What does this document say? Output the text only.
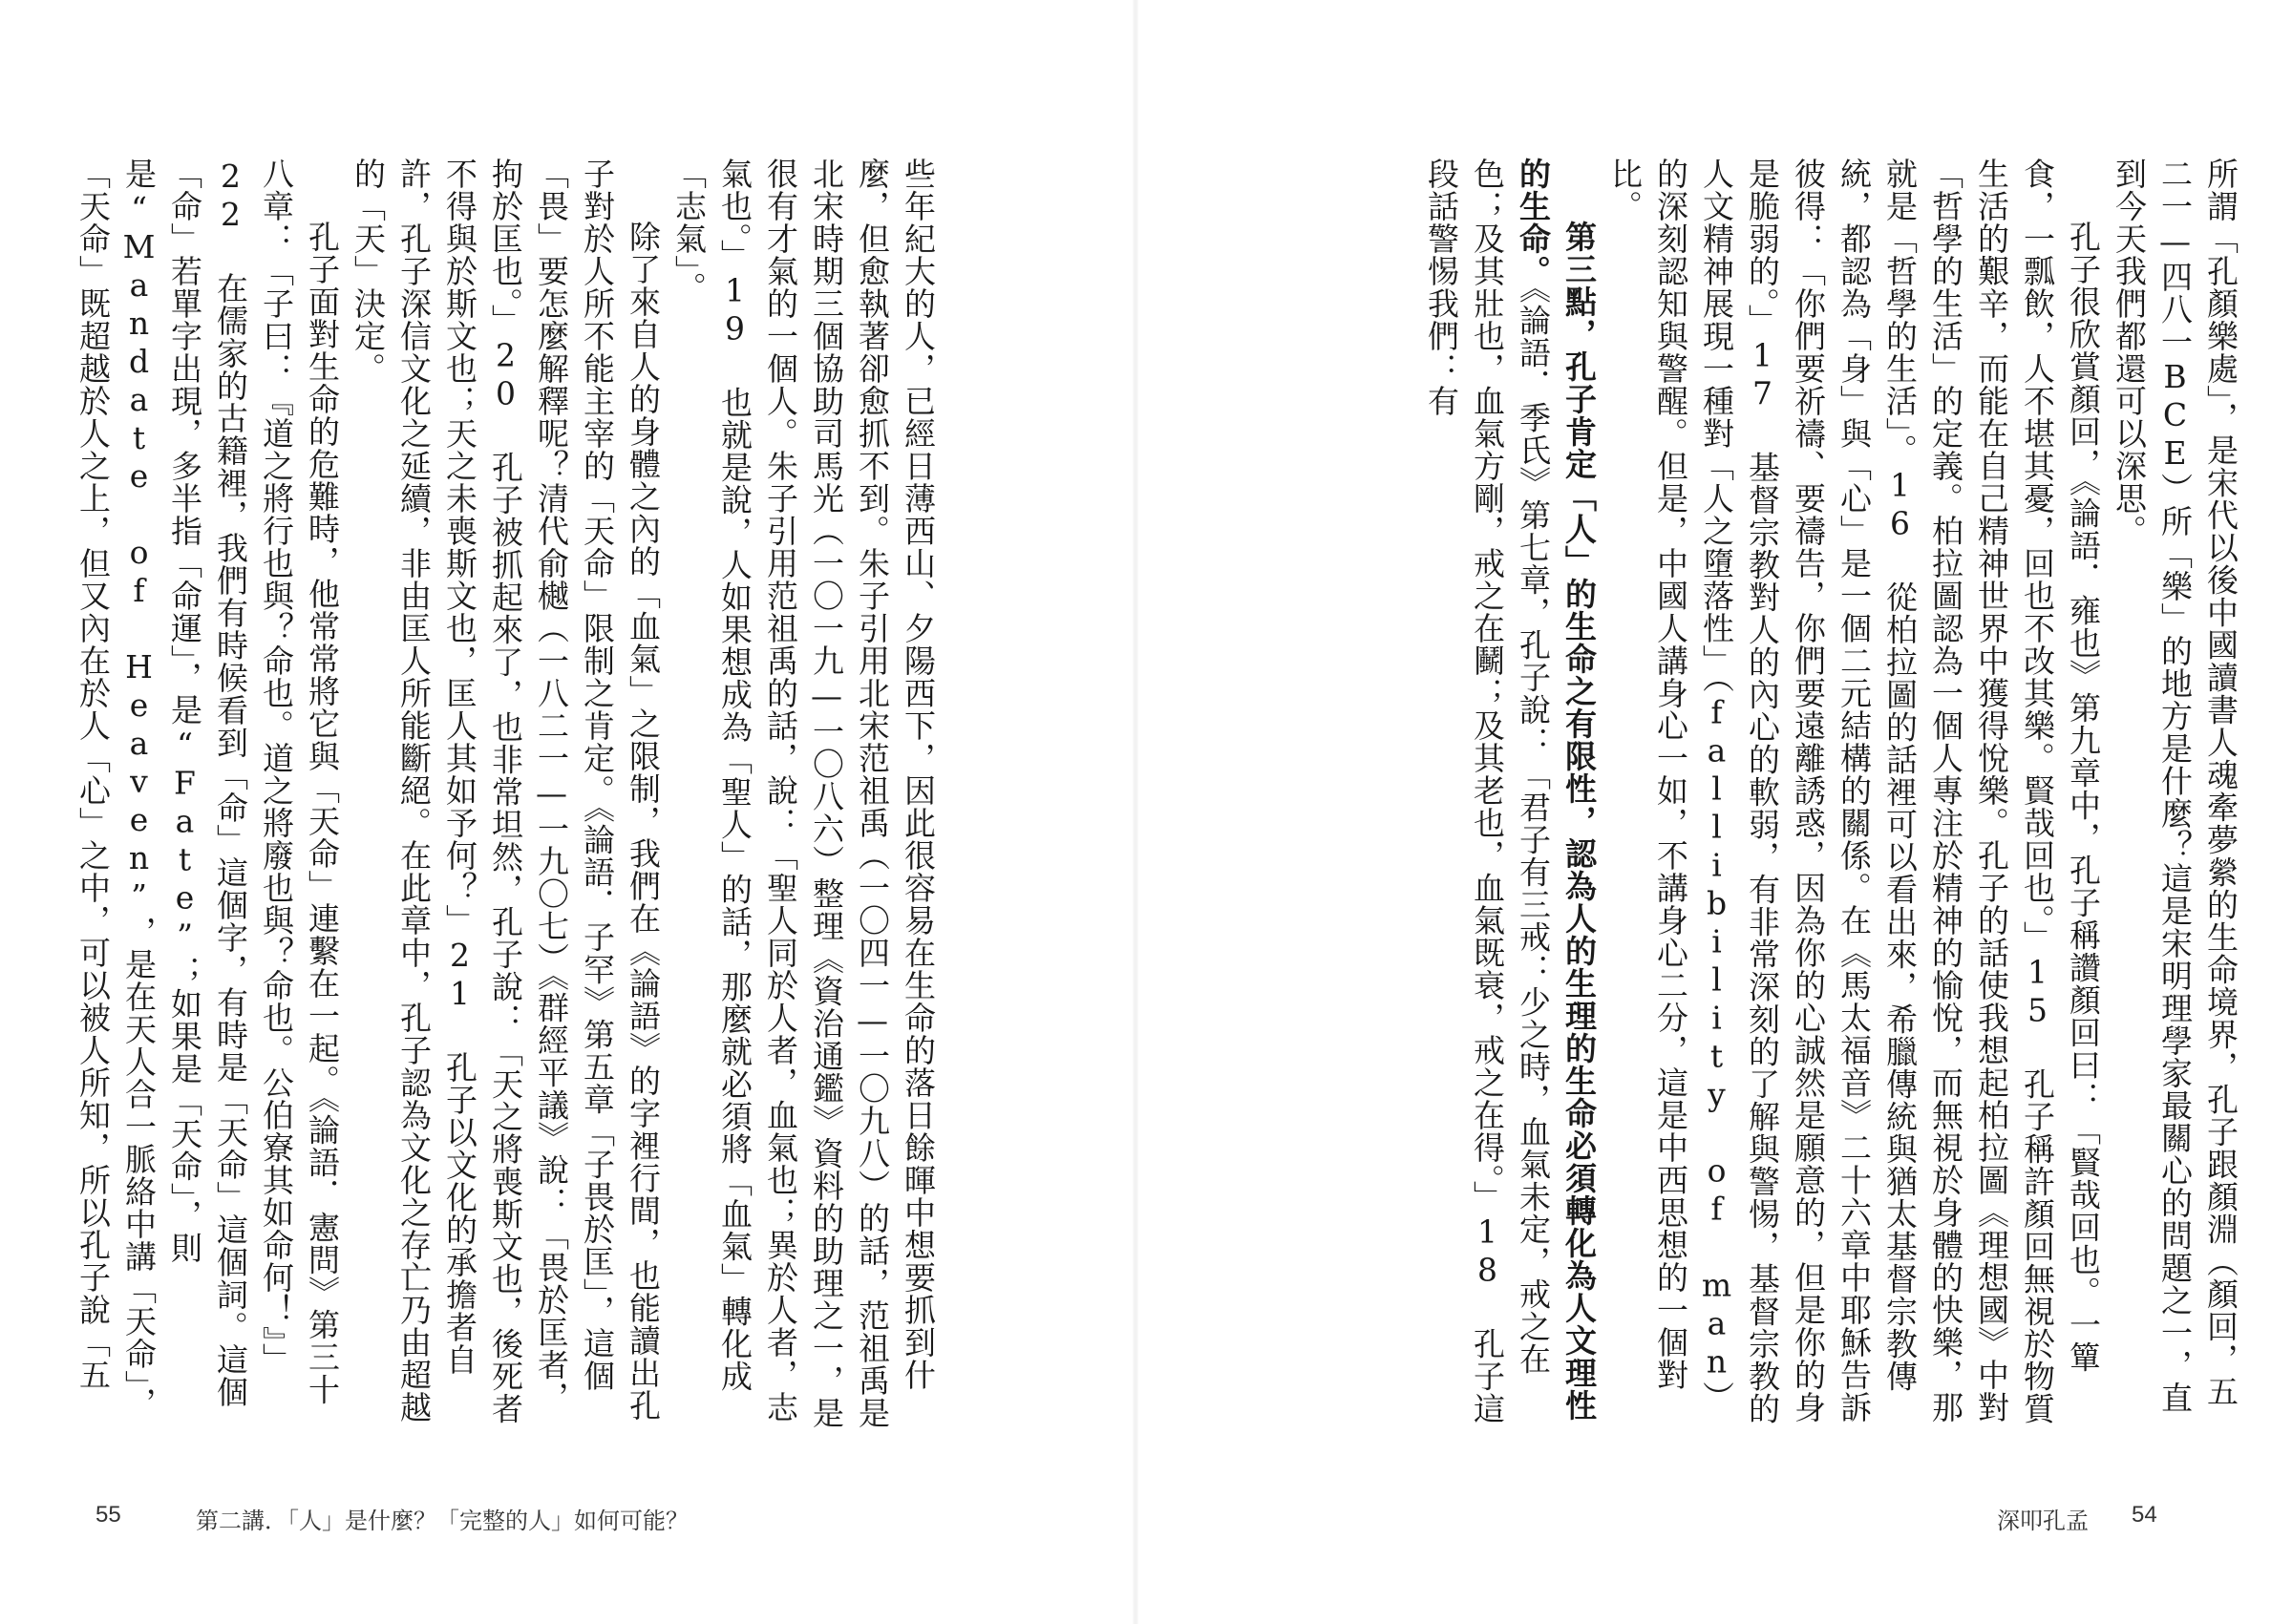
些年紀大的人，已經日薄西山、夕陽西下，因此很容易在生命的落日餘暉中想要抓到什麼，但愈執著卻愈抓不到。朱子引用北宋范祖禹（一〇四一—一〇九八）的話，范祖禹是北宋時期三個協助司馬光（一〇一九—一〇八六）整理《資治通鑑》資料的助理之一，是很有才氣的一個人。朱子引用范祖禹的話，說：「聖人同於人者，血氣也；異於人者，志氣也。」19 也就是說，人如果想成為「聖人」的話，那麼就必須將「血氣」轉化成「志氣」。

除了來自人的身體之內的「血氣」之限制，我們在《論語》的字裡行間，也能讀出孔子對於人所不能主宰的「天命」限制之肯定。《論語．子罕》第五章「子畏於匡」，這個「畏」要怎麼解釋呢？清代俞樾（一八二一—一九〇七）《群經平議》說：「畏於匡者，拘於匡也。」20 孔子被抓起來了，也非常坦然，孔子說：「天之將喪斯文也，後死者不得與於斯文也；天之未喪斯文也，匡人其如予何？」21 孔子以文化的承擔者自許，孔子深信文化之延續，非由匡人所能斷絕。在此章中，孔子認為文化之存亡乃由超越的「天」決定。

孔子面對生命的危難時，他常常將它與「天命」連繫在一起。《論語．憲問》第三十八章：「子曰：『道之將行也與？命也。道之將廢也與？命也。公伯寮其如命何！』」22 在儒家的古籍裡，我們有時候看到「命」這個字，有時是「天命」這個詞。這個「命」若單字出現，多半指「命運」，是“Fate”；如果是「天命」，則是“Mandate of Heaven”，是在天人合一脈絡中講「天命」，「天命」既超越於人之上，但又內在於人「心」之中，可以被人所知，所以孔子說「五

55	第二講．「人」是什麼？「完整的人」如何可能？

所謂「孔顏樂處」，是宋代以後中國讀書人魂牽夢縈的生命境界，孔子跟顏淵（顏回，五二一—四八一BCE）所「樂」的地方是什麼？這是宋明理學家最關心的問題之一，直到今天我們都還可以深思。

孔子很欣賞顏回，《論語．雍也》第九章中，孔子稱讚顏回曰：「賢哉回也。一簞食，一瓢飲，人不堪其憂，回也不改其樂。賢哉回也。」15 孔子稱許顏回無視於物質生活的艱辛，而能在自己精神世界中獲得悅樂。孔子的話使我想起柏拉圖《理想國》中對「哲學的生活」的定義。柏拉圖認為一個人專注於精神的愉悅，而無視於身體的快樂，那就是「哲學的生活」。16 從柏拉圖的話裡可以看出來，希臘傳統與猶太基督宗教傳統，都認為「身」與「心」是一個二元結構的關係。在《馬太福音》二十六章中耶穌告訴彼得：「你們要祈禱、要禱告，你們要遠離誘惑，因為你的心誠然是願意的，但是你的身是脆弱的。」17 基督宗教對人的內心的軟弱，有非常深刻的了解與警惕，基督宗教的人文精神展現一種對「人之墮落性」（fallibility of man）的深刻認知與警醒。但是，中國人講身心一如，不講身心二分，這是中西思想的一個對比。

第三點，孔子肯定「人」的生命之有限性，認為人的生理的生命必須轉化為人文理性的生命。《論語．季氏》第七章，孔子說：「君子有三戒：少之時，血氣未定，戒之在色；及其壯也，血氣方剛，戒之在鬭；及其老也，血氣既衰，戒之在得。」18 孔子這段話警惕我們：有

深叩孔孟 54
